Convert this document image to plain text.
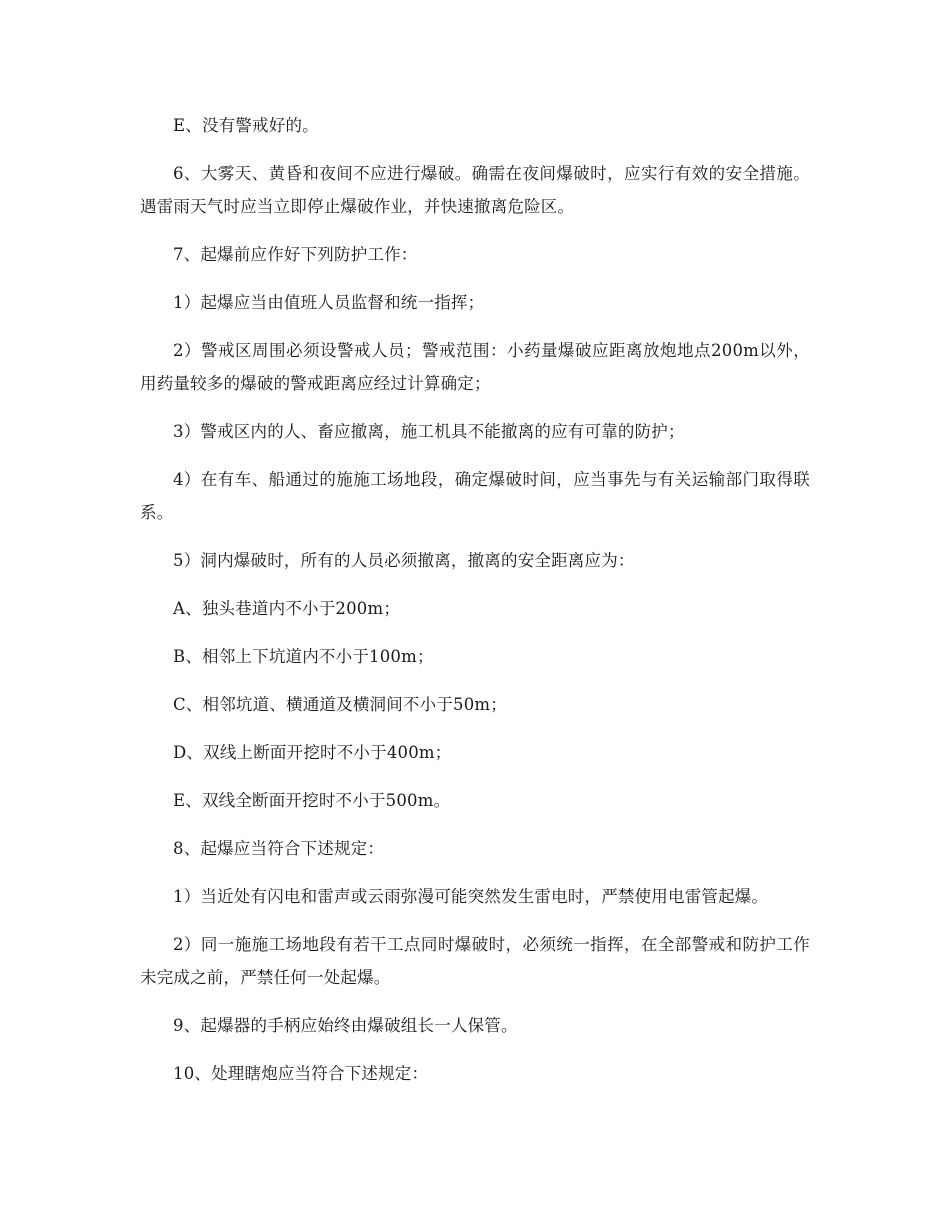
E、没有警戒好的。

6、大雾天、黄昏和夜间不应进行爆破。确需在夜间爆破时，应实行有效的安全措施。遇雷雨天气时应当立即停止爆破作业，并快速撤离危险区。

7、起爆前应作好下列防护工作：

1）起爆应当由值班人员监督和统一指挥；

2）警戒区周围必须设警戒人员；警戒范围：小药量爆破应距离放炮地点200m以外，用药量较多的爆破的警戒距离应经过计算确定；

3）警戒区内的人、畜应撤离，施工机具不能撤离的应有可靠的防护；

4）在有车、船通过的施施工场地段，确定爆破时间，应当事先与有关运输部门取得联系。

5）洞内爆破时，所有的人员必须撤离，撤离的安全距离应为：

A、独头巷道内不小于200m；

B、相邻上下坑道内不小于100m；

C、相邻坑道、横通道及横洞间不小于50m；

D、双线上断面开挖时不小于400m；

E、双线全断面开挖时不小于500m。

8、起爆应当符合下述规定：

1）当近处有闪电和雷声或云雨弥漫可能突然发生雷电时，严禁使用电雷管起爆。

2）同一施施工场地段有若干工点同时爆破时，必须统一指挥，在全部警戒和防护工作未完成之前，严禁任何一处起爆。

9、起爆器的手柄应始终由爆破组长一人保管。

10、处理瞎炮应当符合下述规定：
